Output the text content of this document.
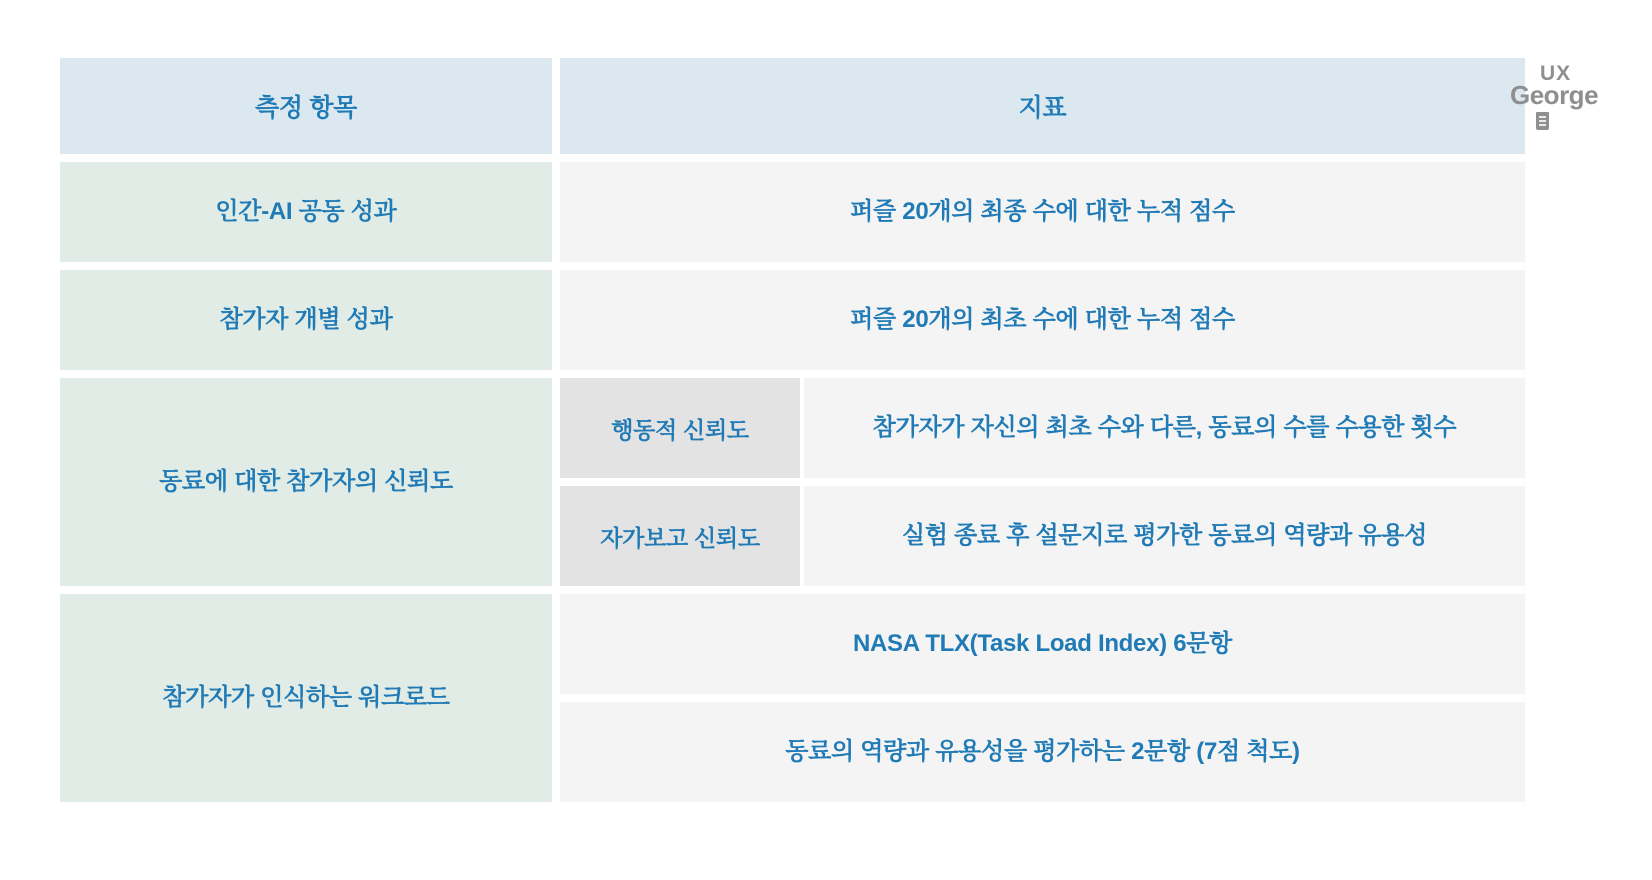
측정 항목	지표
인간-AI 공동 성과	퍼즐 20개의 최종 수에 대한 누적 점수
참가자 개별 성과	퍼즐 20개의 최초 수에 대한 누적 점수
동료에 대한 참가자의 신뢰도
행동적 신뢰도	참가자가 자신의 최초 수와 다른, 동료의 수를 수용한 횟수
자가보고 신뢰도	실험 종료 후 설문지로 평가한 동료의 역량과 유용성
참가자가 인식하는 워크로드
NASA TLX(Task Load Index) 6문항
동료의 역량과 유용성을 평가하는 2문항 (7점 척도)
UX
George
